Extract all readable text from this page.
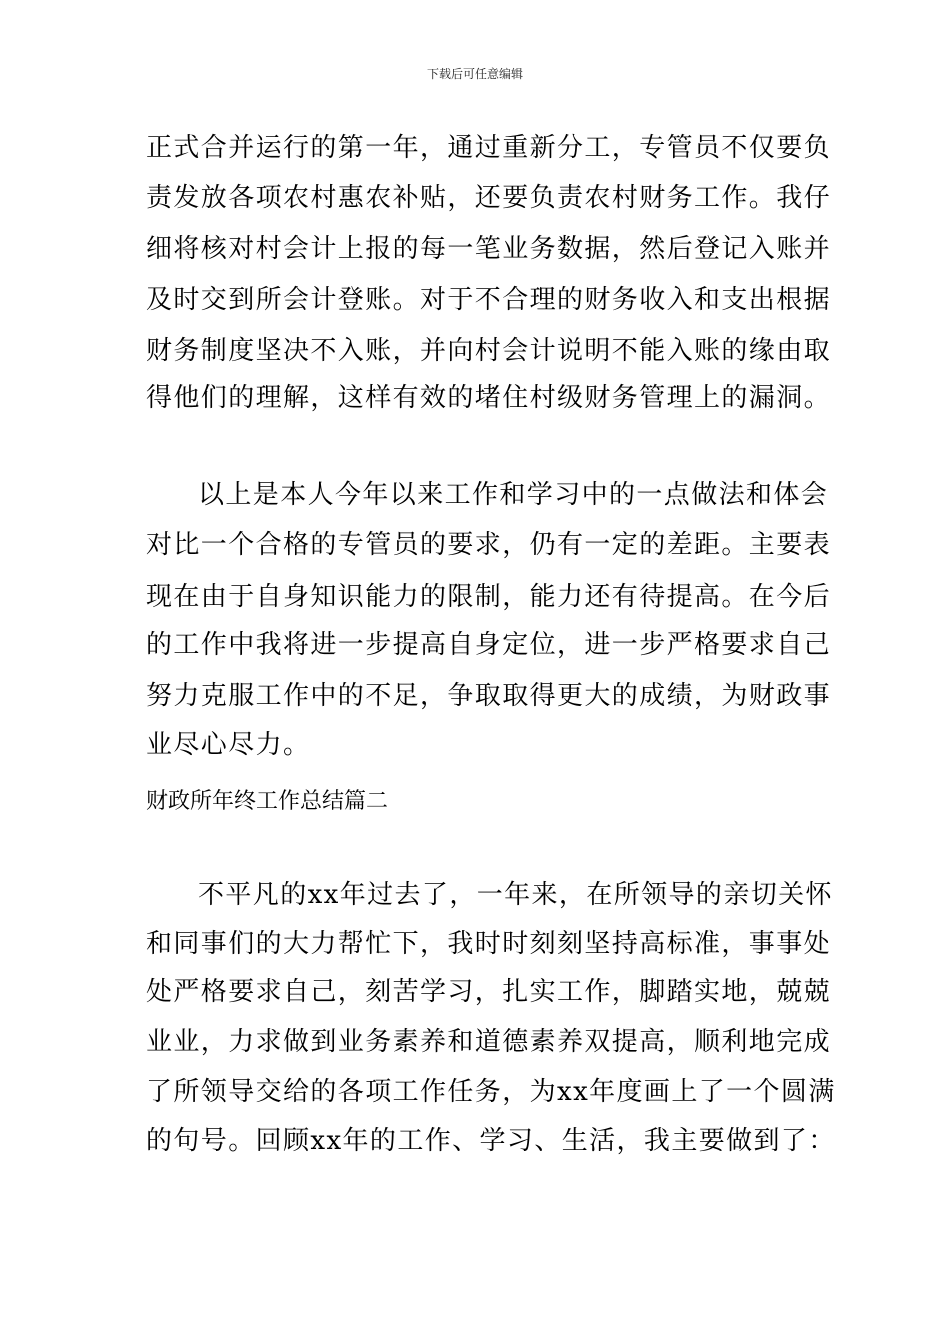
下载后可任意编辑
正式合并运行的第一年，通过重新分工，专管员不仅要负
责发放各项农村惠农补贴，还要负责农村财务工作。我仔
细将核对村会计上报的每一笔业务数据，然后登记入账并
及时交到所会计登账。对于不合理的财务收入和支出根据
财务制度坚决不入账，并向村会计说明不能入账的缘由取
得他们的理解，这样有效的堵住村级财务管理上的漏洞。
以上是本人今年以来工作和学习中的一点做法和体会
对比一个合格的专管员的要求，仍有一定的差距。主要表
现在由于自身知识能力的限制，能力还有待提高。在今后
的工作中我将进一步提高自身定位，进一步严格要求自己
努力克服工作中的不足，争取取得更大的成绩，为财政事
业尽心尽力。
财政所年终工作总结篇二
不平凡的xx年过去了，一年来，在所领导的亲切关怀
和同事们的大力帮忙下，我时时刻刻坚持高标准，事事处
处严格要求自己，刻苦学习，扎实工作，脚踏实地，兢兢
业业，力求做到业务素养和道德素养双提高，顺利地完成
了所领导交给的各项工作任务，为xx年度画上了一个圆满
的句号。回顾xx年的工作、学习、生活，我主要做到了：
